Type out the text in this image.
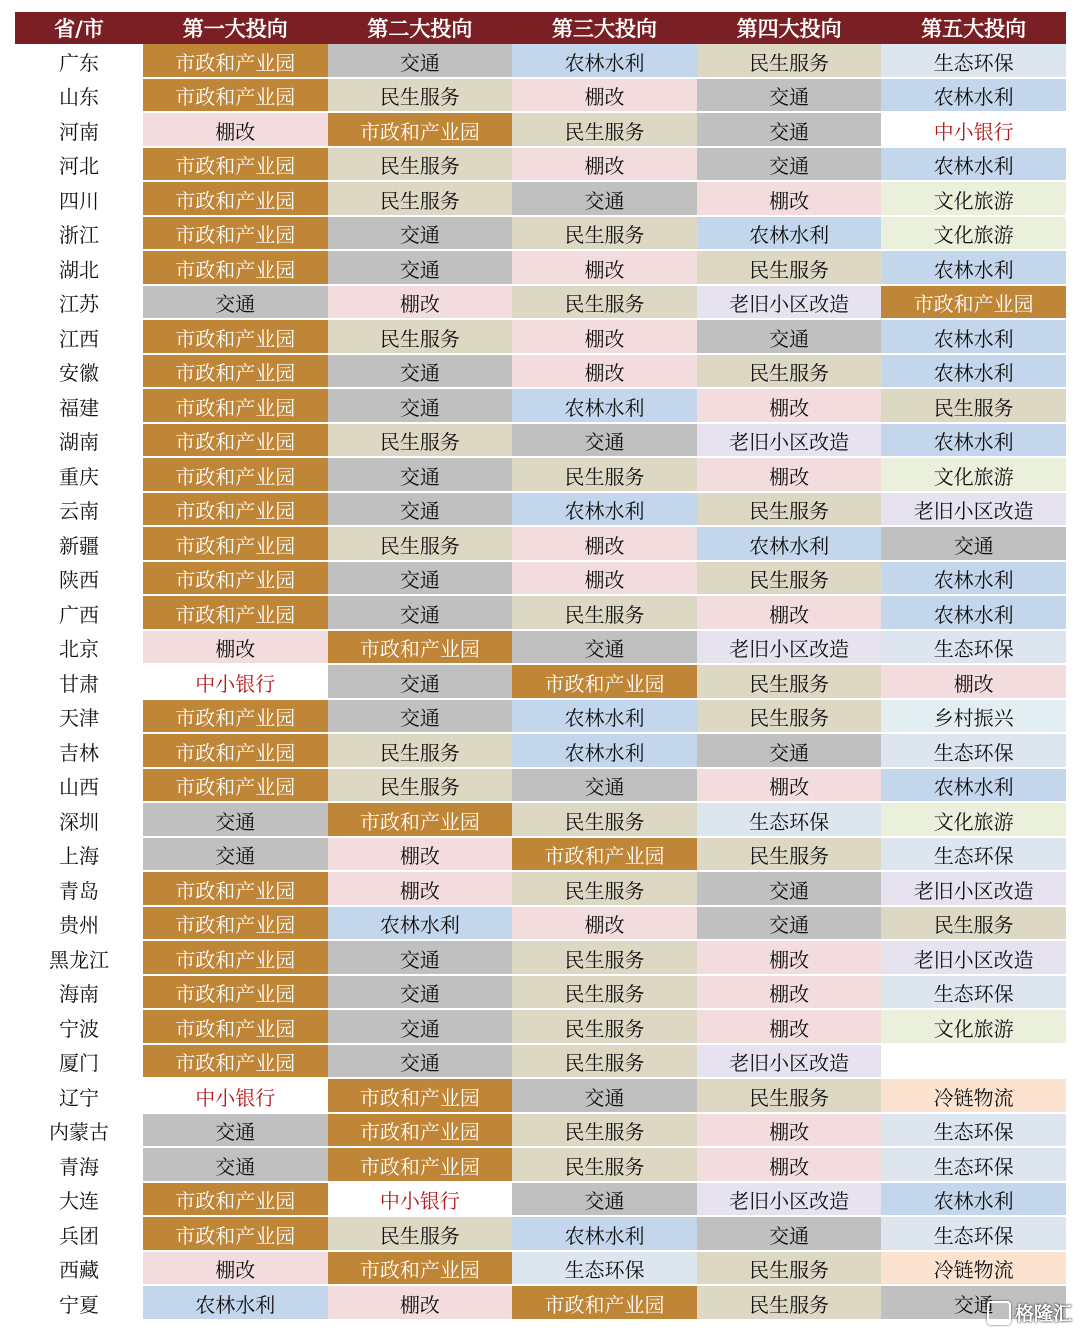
省/市	第一大投向	第二大投向	第三大投向	第四大投向	第五大投向
广东	市政和产业园	交通	农林水利	民生服务	生态环保
山东	市政和产业园	民生服务	棚改	交通	农林水利
河南	棚改	市政和产业园	民生服务	交通	中小银行
河北	市政和产业园	民生服务	棚改	交通	农林水利
四川	市政和产业园	民生服务	交通	棚改	文化旅游
浙江	市政和产业园	交通	民生服务	农林水利	文化旅游
湖北	市政和产业园	交通	棚改	民生服务	农林水利
江苏	交通	棚改	民生服务	老旧小区改造	市政和产业园
江西	市政和产业园	民生服务	棚改	交通	农林水利
安徽	市政和产业园	交通	棚改	民生服务	农林水利
福建	市政和产业园	交通	农林水利	棚改	民生服务
湖南	市政和产业园	民生服务	交通	老旧小区改造	农林水利
重庆	市政和产业园	交通	民生服务	棚改	文化旅游
云南	市政和产业园	交通	农林水利	民生服务	老旧小区改造
新疆	市政和产业园	民生服务	棚改	农林水利	交通
陕西	市政和产业园	交通	棚改	民生服务	农林水利
广西	市政和产业园	交通	民生服务	棚改	农林水利
北京	棚改	市政和产业园	交通	老旧小区改造	生态环保
甘肃	中小银行	交通	市政和产业园	民生服务	棚改
天津	市政和产业园	交通	农林水利	民生服务	乡村振兴
吉林	市政和产业园	民生服务	农林水利	交通	生态环保
山西	市政和产业园	民生服务	交通	棚改	农林水利
深圳	交通	市政和产业园	民生服务	生态环保	文化旅游
上海	交通	棚改	市政和产业园	民生服务	生态环保
青岛	市政和产业园	棚改	民生服务	交通	老旧小区改造
贵州	市政和产业园	农林水利	棚改	交通	民生服务
黑龙江	市政和产业园	交通	民生服务	棚改	老旧小区改造
海南	市政和产业园	交通	民生服务	棚改	生态环保
宁波	市政和产业园	交通	民生服务	棚改	文化旅游
厦门	市政和产业园	交通	民生服务	老旧小区改造	
辽宁	中小银行	市政和产业园	交通	民生服务	冷链物流
内蒙古	交通	市政和产业园	民生服务	棚改	生态环保
青海	交通	市政和产业园	民生服务	棚改	生态环保
大连	市政和产业园	中小银行	交通	老旧小区改造	农林水利
兵团	市政和产业园	民生服务	农林水利	交通	生态环保
西藏	棚改	市政和产业园	生态环保	民生服务	冷链物流
宁夏	农林水利	棚改	市政和产业园	民生服务	交通 格隆汇
